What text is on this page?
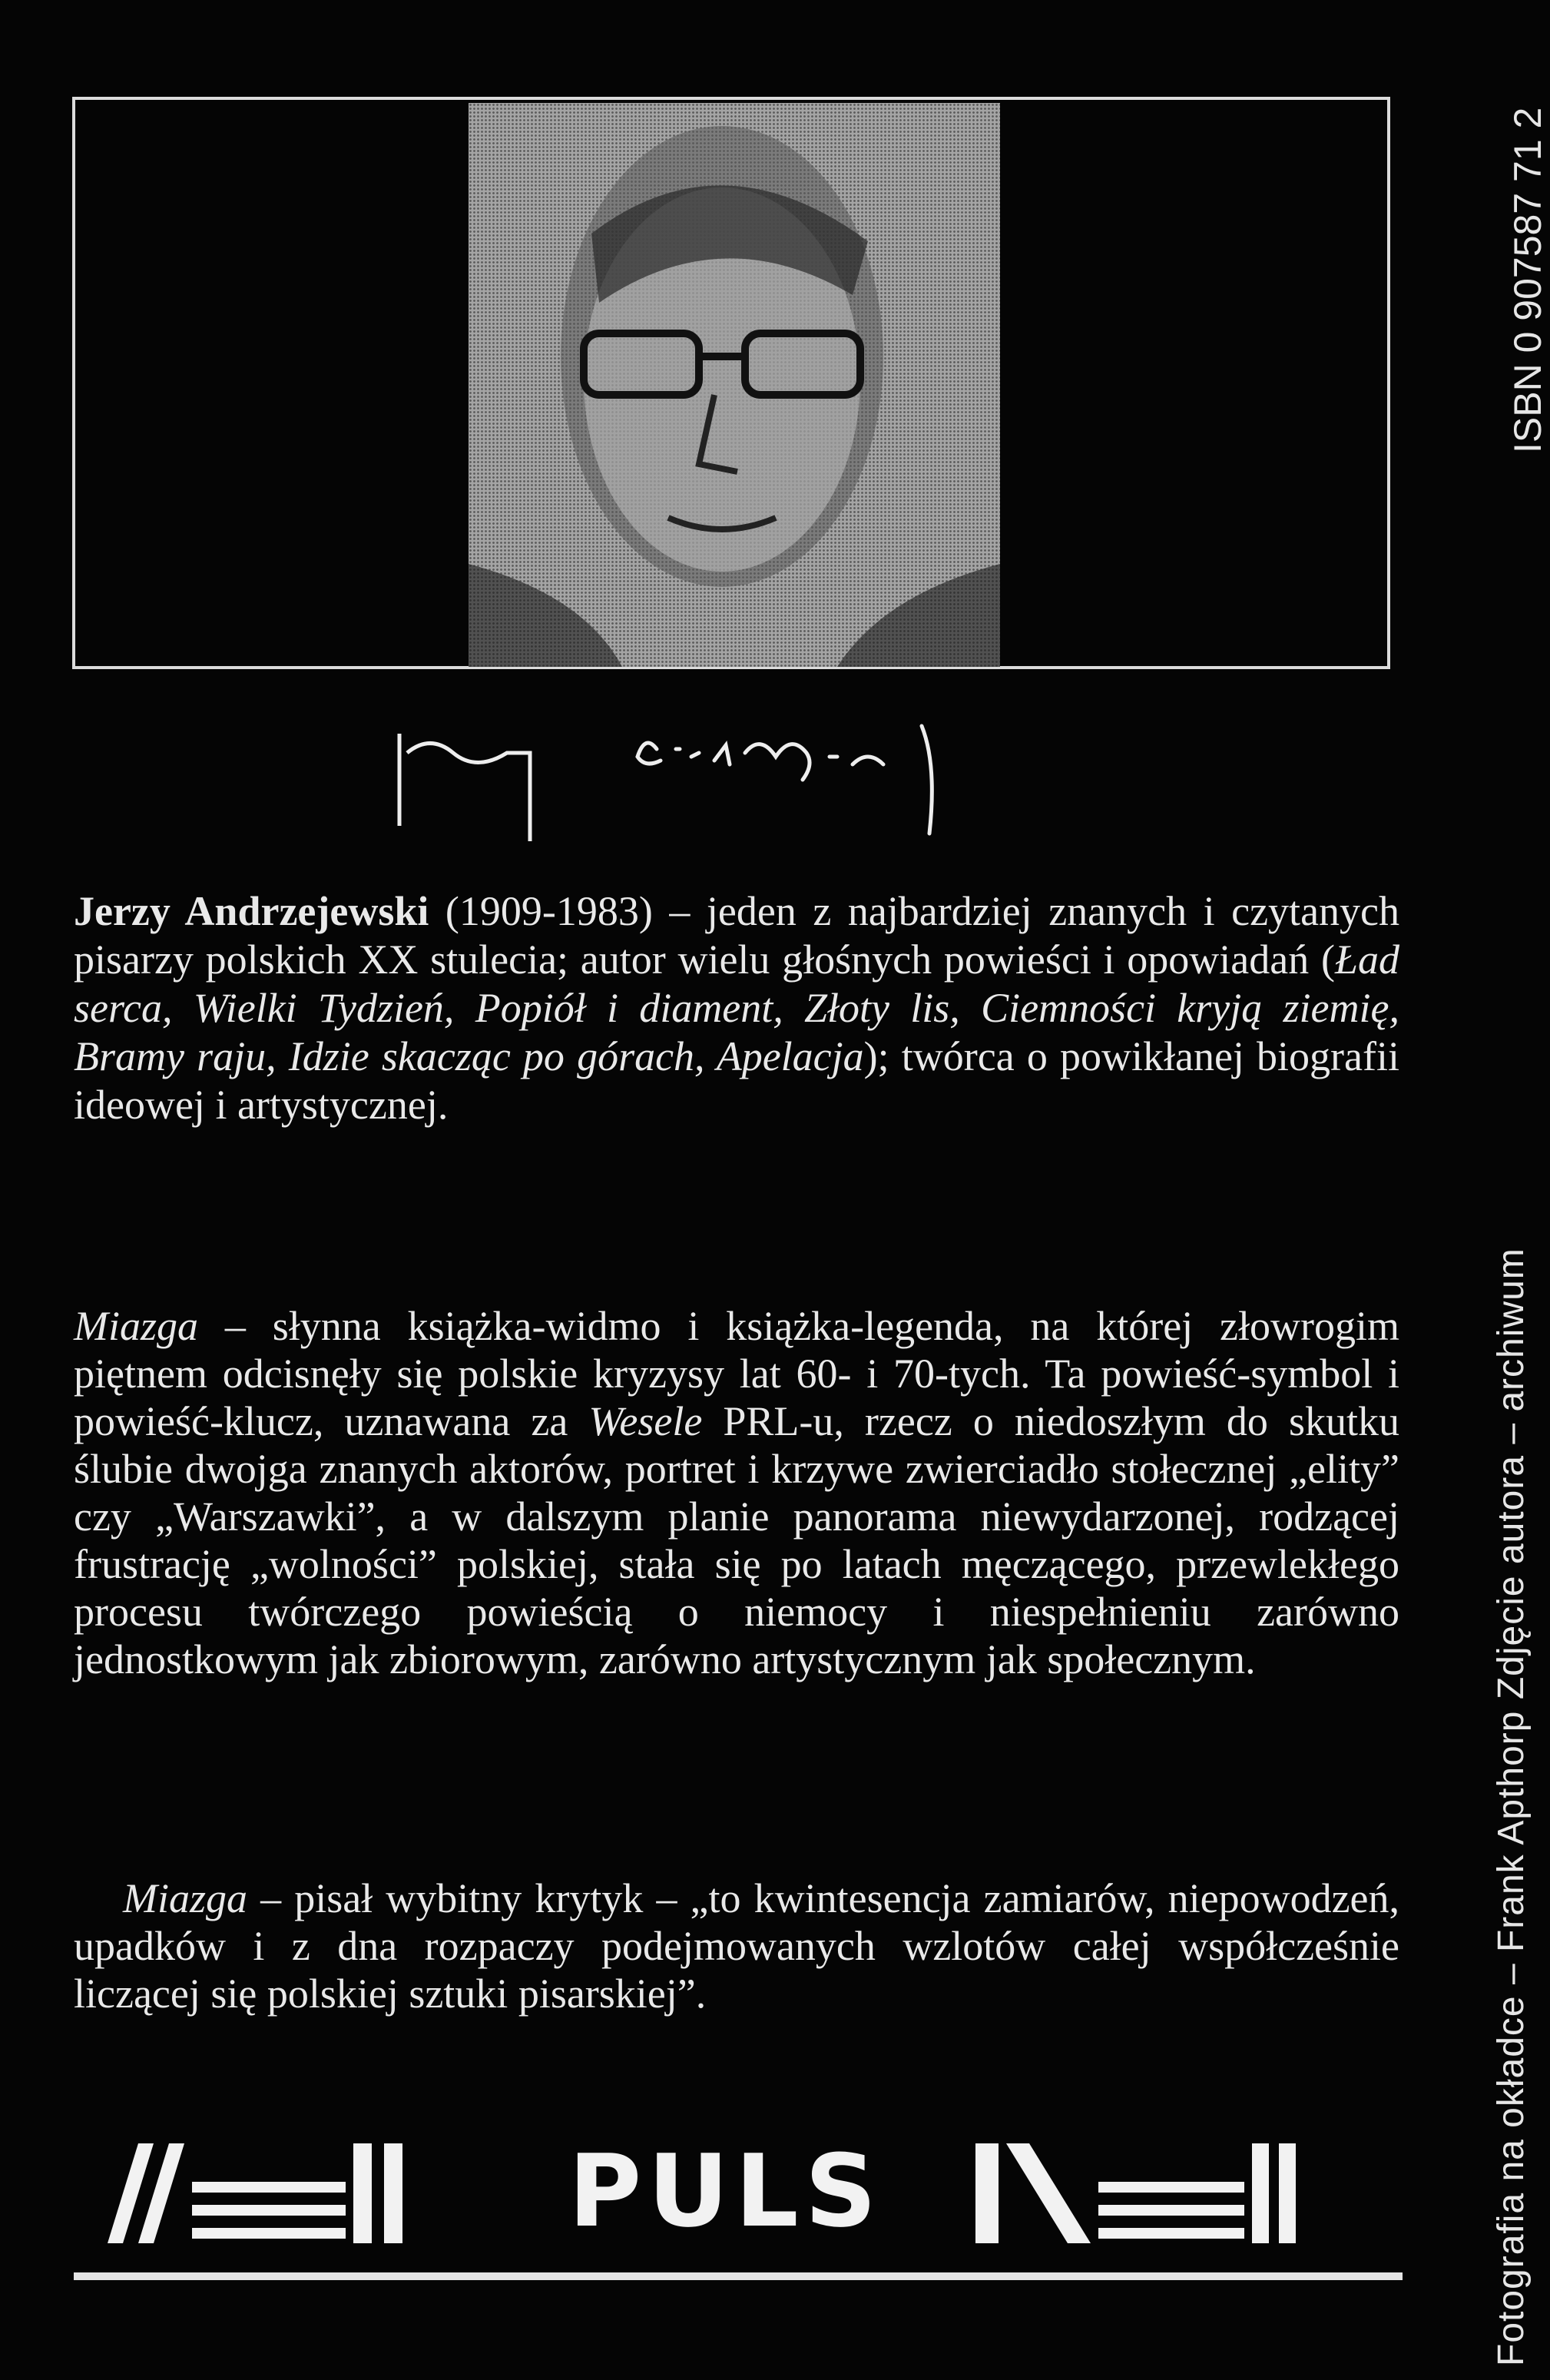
Jerzy Andrzejewski (1909-1983) – jeden z najbardziej znanych i czytanych pisarzy polskich XX stulecia; autor wielu głośnych powieści i opowiadań (Ład serca, Wielki Tydzień, Popiół i diament, Złoty lis, Ciemności kryją ziemię, Bramy raju, Idzie skacząc po górach, Apelacja); twórca o powikłanej biografii ideowej i artystycznej.

Miazga – słynna książka-widmo i książka-legenda, na której złowrogim piętnem odcisnęły się polskie kryzysy lat 60- i 70-tych. Ta powieść-symbol i powieść-klucz, uznawana za Wesele PRL-u, rzecz o niedoszłym do skutku ślubie dwojga znanych aktorów, portret i krzywe zwierciadło stołecznej „elity” czy „Warszawki”, a w dalszym planie panorama niewydarzonej, rodzącej frustrację „wolności” polskiej, stała się po latach męczącego, przewlekłego procesu twórczego powieścią o niemocy i niespełnieniu zarówno jednostkowym jak zbiorowym, zarówno artystycznym jak społecznym.

Miazga – pisał wybitny krytyk – „to kwintesencja zamiarów, niepowodzeń, upadków i z dna rozpaczy podejmowanych wzlotów całej współcześnie liczącej się polskiej sztuki pisarskiej”.

PULS
ISBN 0 907587 71 2
Fotografia na okładce – Frank Apthorp Zdjęcie autora – archiwum
